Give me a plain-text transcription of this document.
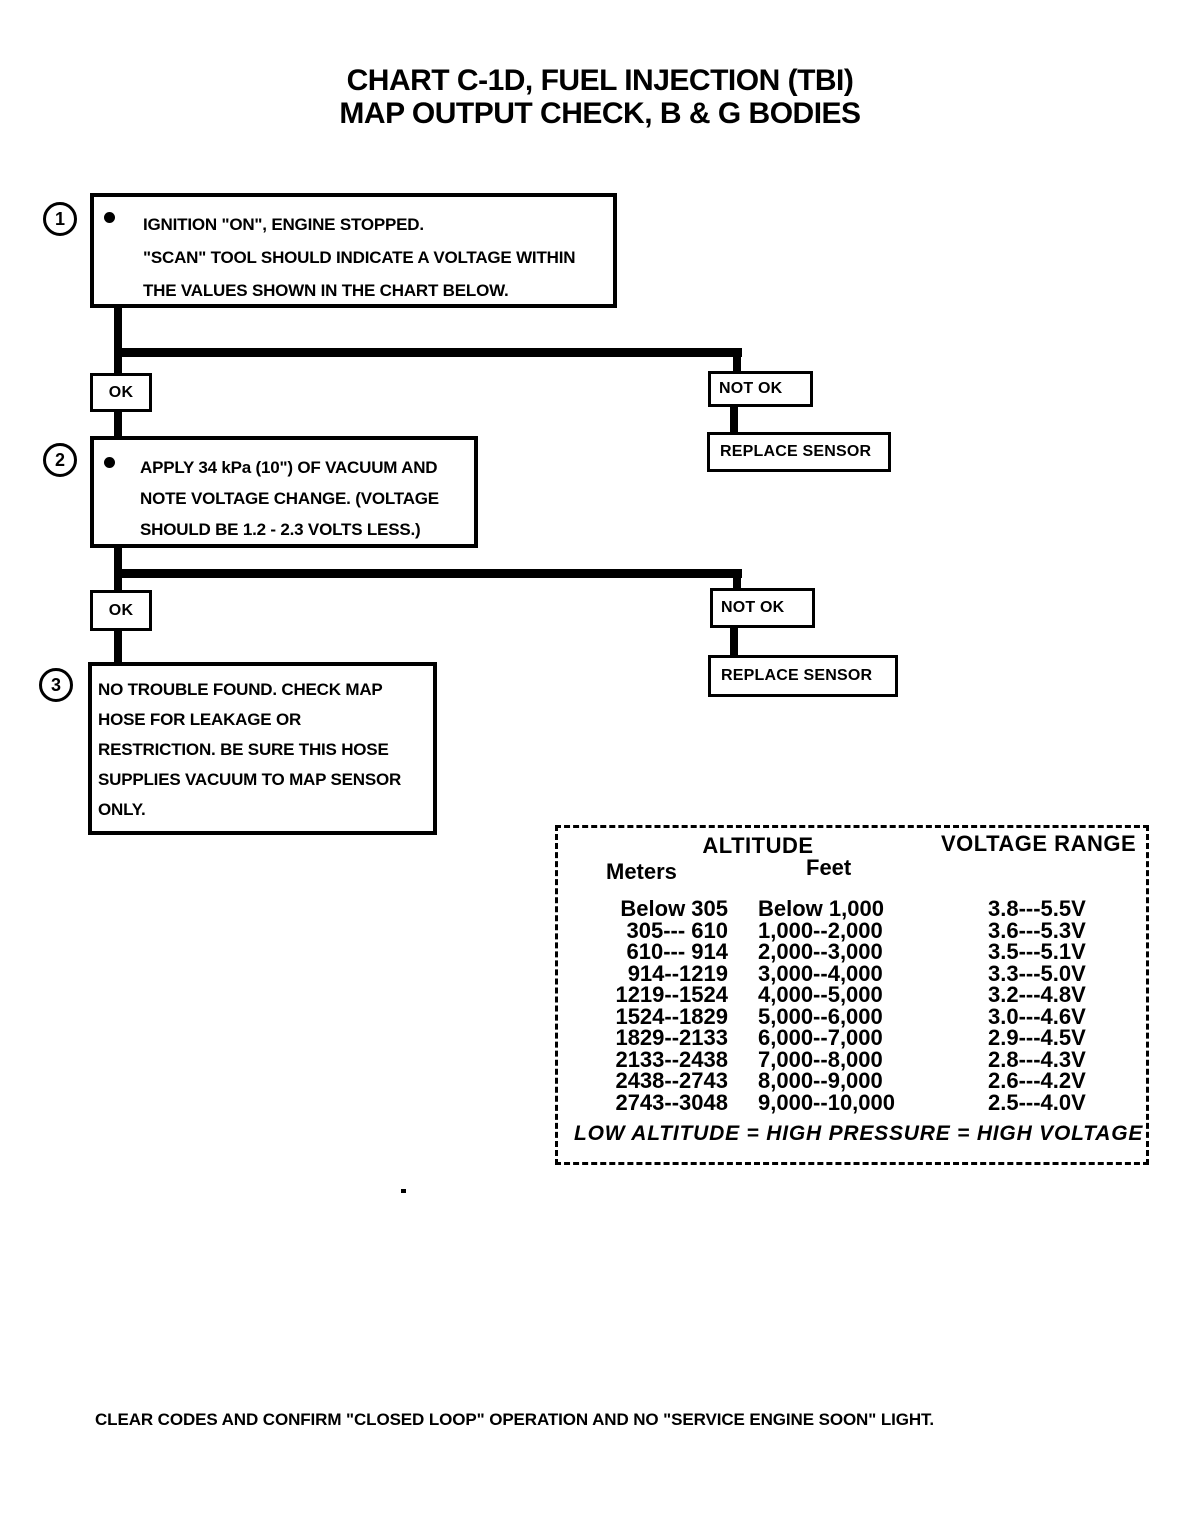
CHART C-1D, FUEL INJECTION (TBI)
MAP OUTPUT CHECK, B & G BODIES
1
2
3
IGNITION "ON", ENGINE STOPPED.
"SCAN" TOOL SHOULD INDICATE A VOLTAGE WITHIN
THE VALUES SHOWN IN THE CHART BELOW.
OK	NOT OK
REPLACE SENSOR
APPLY 34 kPa (10") OF VACUUM AND
NOTE VOLTAGE CHANGE. (VOLTAGE
SHOULD BE 1.2 - 2.3 VOLTS LESS.)
OK	NOT OK
REPLACE SENSOR
NO TROUBLE FOUND. CHECK MAP
HOSE FOR LEAKAGE OR
RESTRICTION. BE SURE THIS HOSE
SUPPLIES VACUUM TO MAP SENSOR
ONLY.
ALTITUDE	VOLTAGE RANGE
Meters	Feet
Below 305	Below 1,000	3.8---5.5V
305--- 610	1,000--2,000	3.6---5.3V
610--- 914	2,000--3,000	3.5---5.1V
914--1219	3,000--4,000	3.3---5.0V
1219--1524	4,000--5,000	3.2---4.8V
1524--1829	5,000--6,000	3.0---4.6V
1829--2133	6,000--7,000	2.9---4.5V
2133--2438	7,000--8,000	2.8---4.3V
2438--2743	8,000--9,000	2.6---4.2V
2743--3048	9,000--10,000	2.5---4.0V
LOW ALTITUDE = HIGH PRESSURE = HIGH VOLTAGE
CLEAR CODES AND CONFIRM "CLOSED LOOP" OPERATION AND NO "SERVICE ENGINE SOON" LIGHT.
